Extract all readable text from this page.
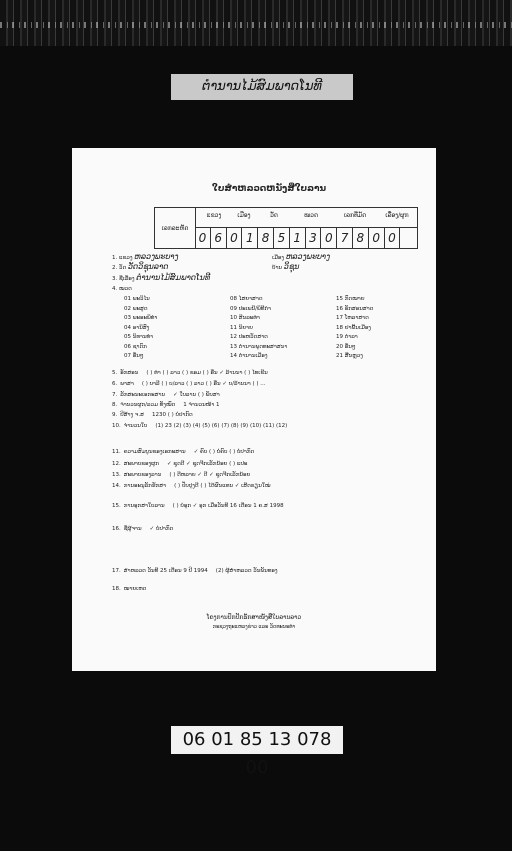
ຕຳນານໄມ້ສົມພາດໂນທີ
ໃບສຳຫລວດຫນັງສືໃບລານ
ເລກລະຫັດ
ແຂວງ	ເມືອງ	ວັດ	ໝວດ	ເລກທີ່ມັດ	ເລື່ອງ/ຜູກ
0 6 0 1 8 5 1 3 0 7 8 0 0
1. ແຂວງ ຫລວງພະບາງ	ເມືອງ ຫລວງພະບາງ
2. ວັດ ວັດວິຊຸນລາດ	ບ້ານ ວິຊຸນ
3. ຊື່ເລື່ອງ ຕຳນານໄມ້ສົມພາດໂນທີ
4. ໝວດ
01 ພະວິໄນ
02 ພະສູດ
03 ພະອະພິທຳ
04 ອານິສົງ
05 ນິທານທຳ
06 ຊາດົກ
07 ອື່ນໆ
08 ໄສຍາສາດ
09 ປະເພນີ/ພິທີກຳ
10 ສິນລະທຳ
11 ນິຍາຍ
12 ປະຫວັດສາດ
13 ຕຳນານພຸດທະສາສນາ
14 ຕຳນານເມືອງ
15 ກົດໝາຍ
16 ອັກສອນສາດ
17 ໂຫລາສາດ
18 ຢາພື້ນເມືອງ
19 ຕຳລາ
20 ອື່ນໆ
21 ສີ້ນຫຼວງ
5. ອັກສອນ ( ) ທຳ ( ) ລາວ ( ) ຂອມ ( ) ອື່ນ ✓ ລ້ານນາ ( ) ໄທເຂີນ
6. ພາສາ ( ) ບາລີ ( ) ບ/ລາວ ( ) ລາວ ( ) ອື່ນ ✓ ບ/ລ້ານນາ ( ) ...
7. ລັກສະນະເອກະສານ ✓ ໃບລານ ( ) ພັບສາ
8. ຈຳນວນຜູກ/ລວມ ທັງໝົດ 1 ຈຳນວນໜ້າ 1
9. ປີສ້າງ ຈ.ສ 1230 ( ) ບໍ່ປາກົດ
10. ຈຳນວນໃບ (1) 23 (2) (3) (4) (5) (6) (7) (8) (9) (10) (11) (12)
11. ຄວາມສົມບູນຂອງເອກະສານ ✓ ຄົບ ( ) ບໍ່ຄົບ ( ) ບໍ່ປາກົດ
12. ສະພາບຂອງຜູກ ✓ ຊຸດດີ ✓ ຊຸດຈີກເລັກນ້ອຍ ( ) ແປະ
13. ສະພາບຂອງລານ ( ) ດີຫລາຍ ✓ ດີ ✓ ຊຸດຈີກເລັກນ້ອຍ
14. ການອະນຸລັກຮັກສາ ( ) ປັບປຸງດີ ( ) ໄດ້ຜົນແທນ ✓ ເສີດຂຽນໃໝ່
15. ການອຸກສາໃບລານ ( ) ບໍ່ອຸກ ✓ ອຸກ ເມື່ອວັນທີ 16 ເດືອນ 1 ຄ.ສ 1998
16. ຊື່ຜູ້ຈານ ✓ ບໍ່ປາກົດ
17. ສຳຫລວດ ວັນທີ 25 ເດືອນ 9 ປີ 1994 (2) ຜູ້ສຳຫລວດ ວັນພັນທອງ
18. ໝາຍເຫດ
ໂຄງການປົກປັກຮັກສາໜັງສືໃບລານລາວ
ກະຊວງຖະແຫລງຂ່າວ ແລະ ວັດທະນະທຳ
06 01 85 13 078 00
